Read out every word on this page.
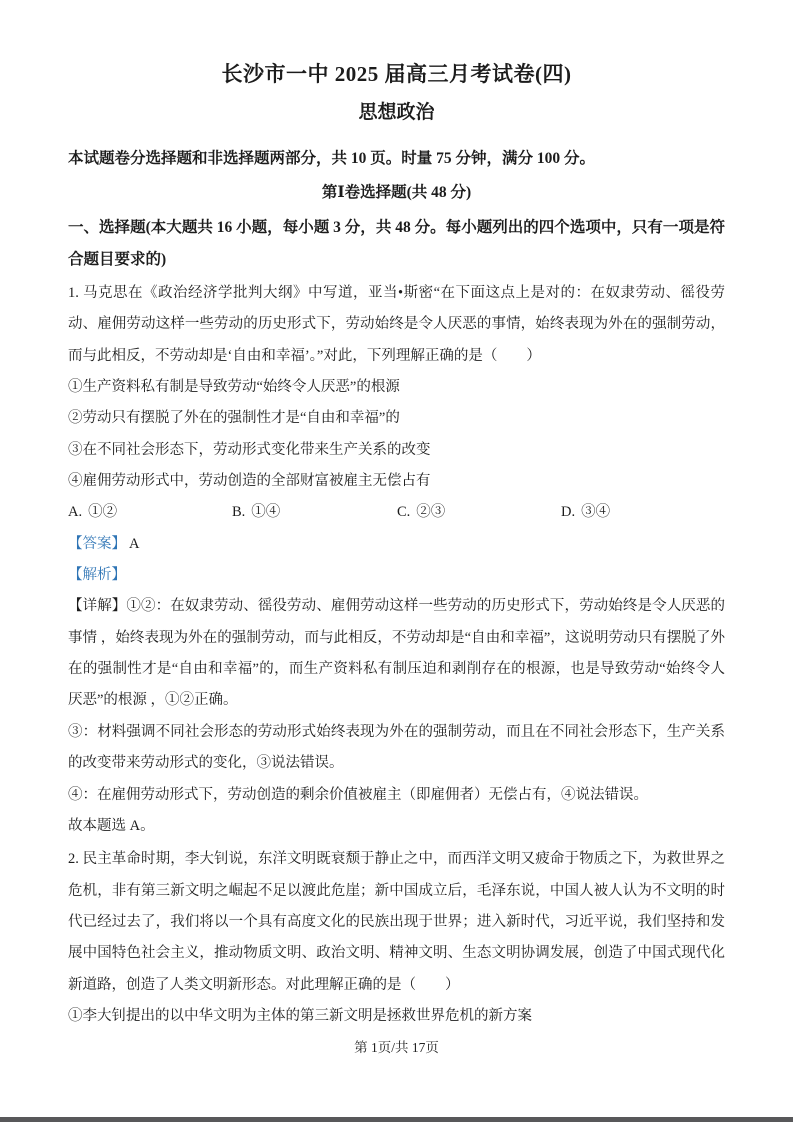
长沙市一中 2025 届高三月考试卷(四)
思想政治

本试题卷分选择题和非选择题两部分，共 10 页。时量 75 分钟，满分 100 分。

第Ⅰ卷选择题(共 48 分)

一、选择题(本大题共 16 小题，每小题 3 分，共 48 分。每小题列出的四个选项中，只有一项是符合题目要求的)

1. 马克思在《政治经济学批判大纲》中写道，亚当•斯密“在下面这点上是对的：在奴隶劳动、徭役劳动、雇佣劳动这样一些劳动的历史形式下，劳动始终是令人厌恶的事情，始终表现为外在的强制劳动，而与此相反，不劳动却是‘自由和幸福’。”对此，下列理解正确的是（　　）

①生产资料私有制是导致劳动“始终令人厌恶”的根源

②劳动只有摆脱了外在的强制性才是“自由和幸福”的

③在不同社会形态下，劳动形式变化带来生产关系的改变

④雇佣劳动形式中，劳动创造的全部财富被雇主无偿占有

A. ①②	B. ①④	C. ②③	D. ③④

【答案】 A

【解析】

【详解】①②：在奴隶劳动、徭役劳动、雇佣劳动这样一些劳动的历史形式下，劳动始终是令人厌恶的事情 ，始终表现为外在的强制劳动，而与此相反，不劳动却是“自由和幸福”，这说明劳动只有摆脱了外在的强制性才是“自由和幸福”的，而生产资料私有制压迫和剥削存在的根源，也是导致劳动“始终令人厌恶”的根源 ，①②正确。

③：材料强调不同社会形态的劳动形式始终表现为外在的强制劳动，而且在不同社会形态下，生产关系的改变带来劳动形式的变化，③说法错误。

④：在雇佣劳动形式下，劳动创造的剩余价值被雇主（即雇佣者）无偿占有，④说法错误。

故本题选 A。

2. 民主革命时期，李大钊说，东洋文明既衰颓于静止之中，而西洋文明又疲命于物质之下，为救世界之危机，非有第三新文明之崛起不足以渡此危崖；新中国成立后，毛泽东说，中国人被人认为不文明的时代已经过去了，我们将以一个具有高度文化的民族出现于世界；进入新时代，习近平说，我们坚持和发展中国特色社会主义，推动物质文明、政治文明、精神文明、生态文明协调发展，创造了中国式现代化新道路，创造了人类文明新形态。对此理解正确的是（　　）

①李大钊提出的以中华文明为主体的第三新文明是拯救世界危机的新方案

第 1页/共 17页
